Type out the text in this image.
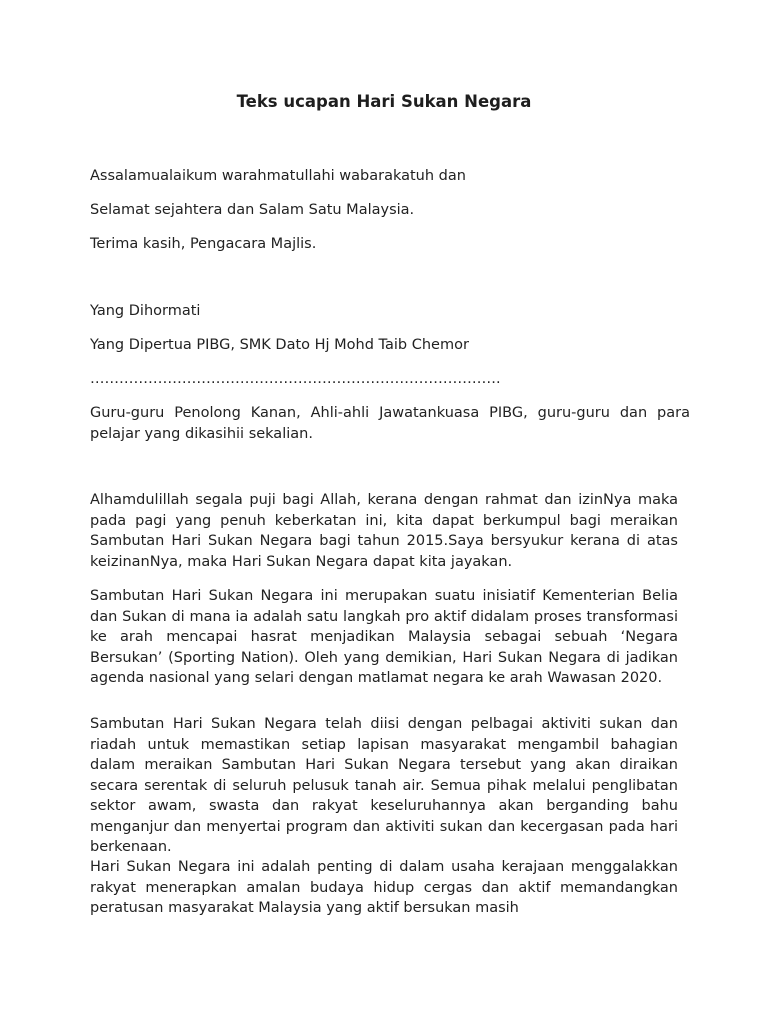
Teks ucapan Hari Sukan Negara
Assalamualaikum warahmatullahi wabarakatuh dan
Selamat sejahtera dan Salam Satu Malaysia.
Terima kasih, Pengacara Majlis.
Yang Dihormati
Yang Dipertua PIBG, SMK Dato Hj Mohd Taib Chemor
………………………………………………………………………….
Guru-guru Penolong Kanan, Ahli-ahli Jawatankuasa PIBG, guru-guru dan para pelajar yang dikasihii sekalian.
Alhamdulillah segala puji bagi Allah, kerana dengan rahmat dan izinNya maka pada pagi yang penuh keberkatan ini, kita dapat berkumpul bagi meraikan Sambutan Hari Sukan Negara bagi tahun 2015.Saya bersyukur kerana di atas keizinanNya, maka Hari Sukan Negara dapat kita jayakan.
Sambutan Hari Sukan Negara ini merupakan suatu inisiatif Kementerian Belia dan Sukan di mana ia adalah satu langkah pro aktif didalam proses transformasi ke arah mencapai hasrat menjadikan Malaysia sebagai sebuah ‘Negara Bersukan’ (Sporting Nation). Oleh yang demikian, Hari Sukan Negara di jadikan agenda nasional yang selari dengan matlamat negara ke arah Wawasan 2020.
Sambutan Hari Sukan Negara telah diisi dengan pelbagai aktiviti sukan dan riadah untuk memastikan setiap lapisan masyarakat mengambil bahagian dalam meraikan Sambutan Hari Sukan Negara tersebut yang akan diraikan secara serentak di seluruh pelusuk tanah air. Semua pihak melalui penglibatan sektor awam, swasta dan rakyat keseluruhannya akan berganding bahu menganjur dan menyertai program dan aktiviti sukan dan kecergasan pada hari berkenaan.
Hari Sukan Negara ini adalah penting di dalam usaha kerajaan menggalakkan rakyat menerapkan amalan budaya hidup cergas dan aktif memandangkan peratusan masyarakat Malaysia yang aktif bersukan masih
